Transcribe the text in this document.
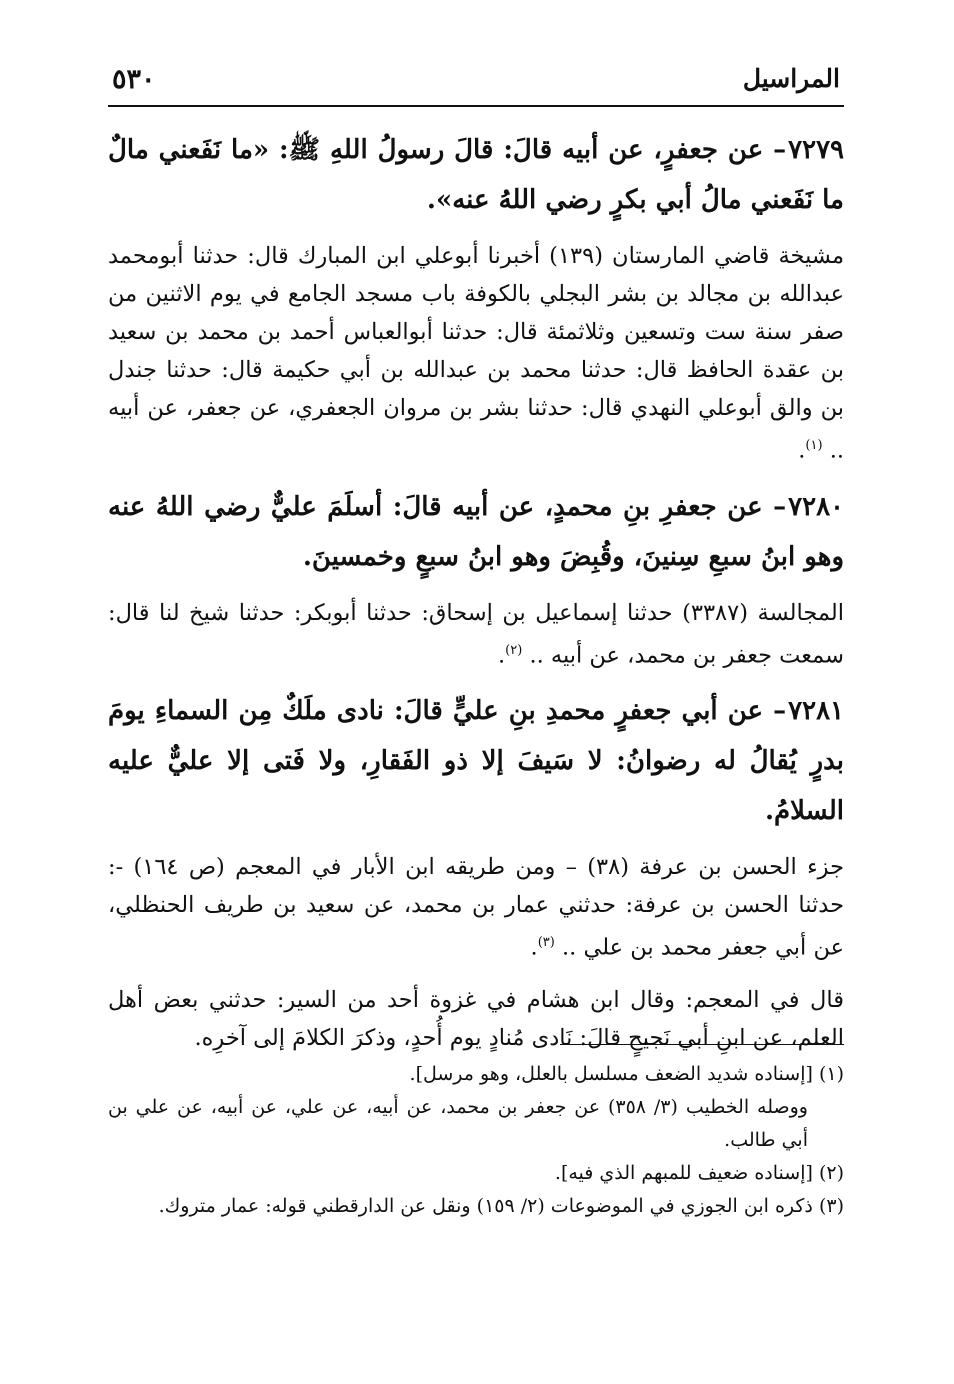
٥٣٠	المراسيل

٧٢٧٩– عن جعفرٍ، عن أبيه قالَ: قالَ رسولُ اللهِ ﷺ: «ما نَفَعني مالٌ ما نَفَعني مالُ أبي بكرٍ رضي اللهُ عنه».

مشيخة قاضي المارستان (١٣٩) أخبرنا أبوعلي ابن المبارك قال: حدثنا أبومحمد عبدالله بن مجالد بن بشر البجلي بالكوفة باب مسجد الجامع في يوم الاثنين من صفر سنة ست وتسعين وثلاثمئة قال: حدثنا أبوالعباس أحمد بن محمد بن سعيد بن عقدة الحافظ قال: حدثنا محمد بن عبدالله بن أبي حكيمة قال: حدثنا جندل بن والق أبوعلي النهدي قال: حدثنا بشر بن مروان الجعفري، عن جعفر، عن أبيه .. $^{(١)}$.

٧٢٨٠– عن جعفرِ بنِ محمدٍ، عن أبيه قالَ: أسلَمَ عليٌّ رضي اللهُ عنه وهو ابنُ سبعِ سِنينَ، وقُبِضَ وهو ابنُ سبعٍ وخمسينَ.

المجالسة (٣٣٨٧) حدثنا إسماعيل بن إسحاق: حدثنا أبوبكر: حدثنا شيخ لنا قال: سمعت جعفر بن محمد، عن أبيه .. $^{(٢)}$.

٧٢٨١– عن أبي جعفرٍ محمدِ بنِ عليٍّ قالَ: نادى ملَكٌ مِن السماءِ يومَ بدرٍ يُقالُ له رضوانُ: لا سَيفَ إلا ذو الفَقارِ، ولا فَتى إلا عليٌّ عليه السلامُ.

جزء الحسن بن عرفة (٣٨) – ومن طريقه ابن الأبار في المعجم (ص ١٦٤) -: حدثنا الحسن بن عرفة: حدثني عمار بن محمد، عن سعيد بن طريف الحنظلي، عن أبي جعفر محمد بن علي .. $^{(٣)}$.

قال في المعجم: وقال ابن هشام في غزوة أحد من السير: حدثني بعض أهل العلم، عن ابنِ أبي نَجيحٍ قالَ: نَادى مُنادٍ يوم أُحدٍ، وذكرَ الكلامَ إلى آخرِه.

(١) [إسناده شديد الضعف مسلسل بالعلل، وهو مرسل].

ووصله الخطيب (٣/ ٣٥٨) عن جعفر بن محمد، عن أبيه، عن علي، عن أبيه، عن علي بن أبي طالب.

(٢) [إسناده ضعيف للمبهم الذي فيه].

(٣) ذكره ابن الجوزي في الموضوعات (٢/ ١٥٩) ونقل عن الدارقطني قوله: عمار متروك.
